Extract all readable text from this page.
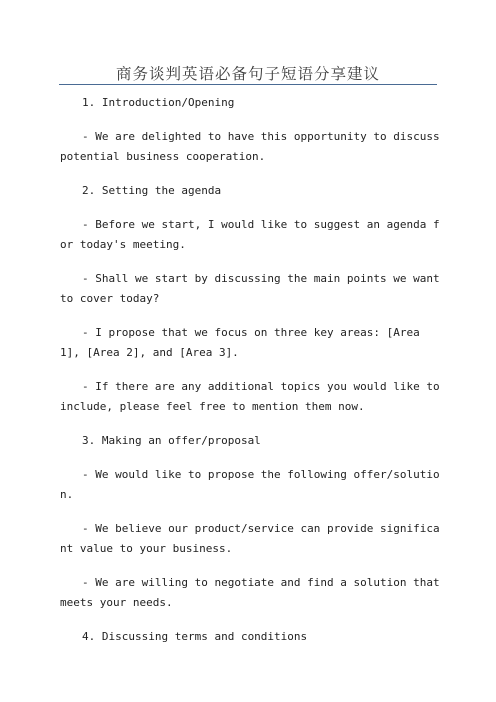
商务谈判英语必备句子短语分享建议

1. Introduction/Opening

- We are delighted to have this opportunity to discuss potential business cooperation.

2. Setting the agenda

- Before we start, I would like to suggest an agenda for today's meeting.

- Shall we start by discussing the main points we want to cover today?

- I propose that we focus on three key areas: [Area 1], [Area 2], and [Area 3].

- If there are any additional topics you would like to include, please feel free to mention them now.

3. Making an offer/proposal

- We would like to propose the following offer/solution.

- We believe our product/service can provide significant value to your business.

- We are willing to negotiate and find a solution that meets your needs.

4. Discussing terms and conditions
